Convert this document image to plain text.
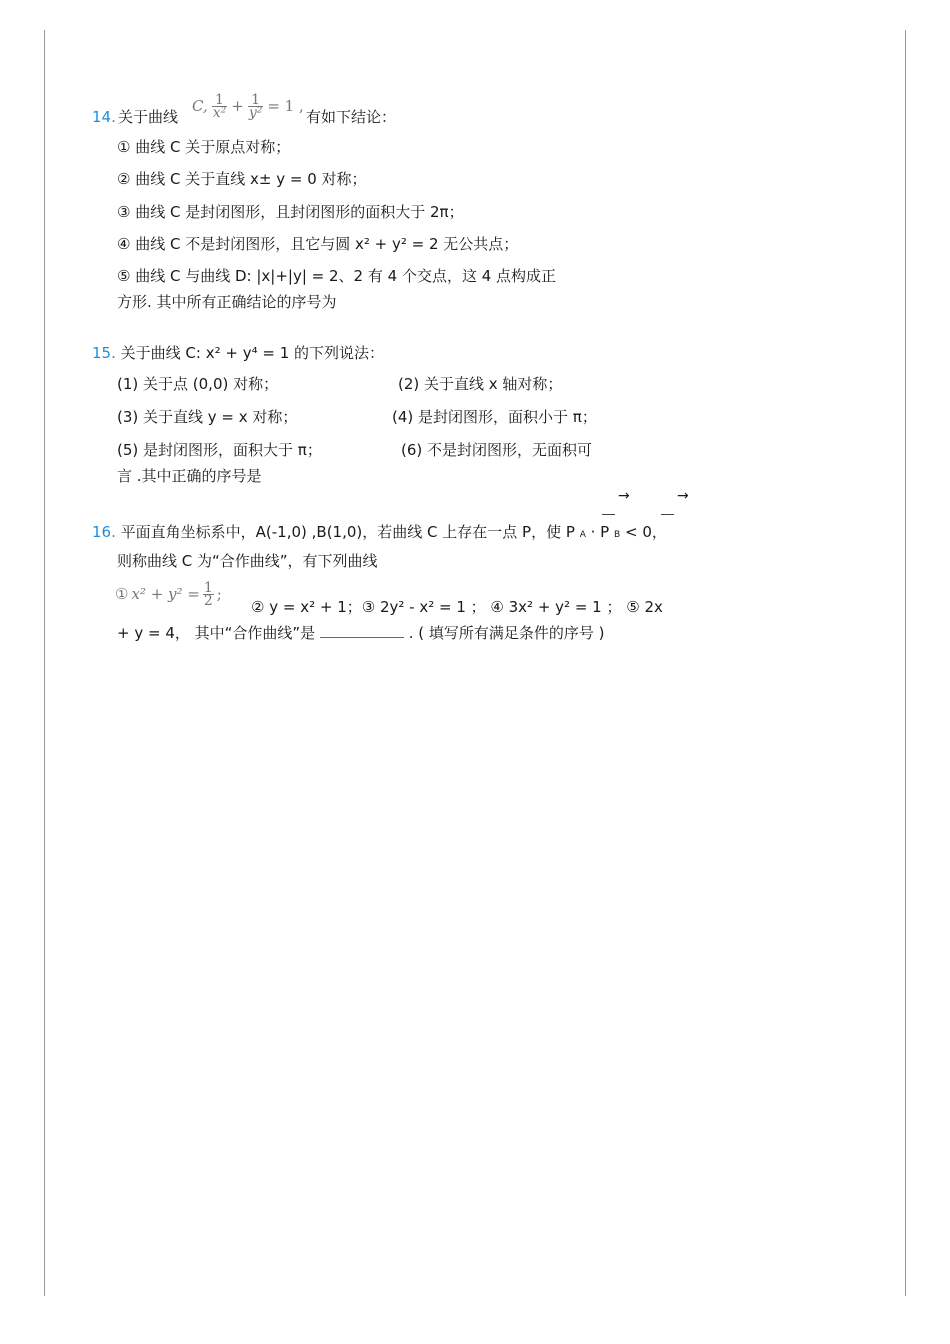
14. 关于曲线
C, $\frac{1}{\text{x²}} + \frac{1}{\text{y²}} = 1$ ,
有如下结论：
① 曲线 C 关于原点对称；
② 曲线 C 关于直线 x± y = 0 对称；
③ 曲线 C 是封闭图形，且封闭图形的面积大于 2π；
④ 曲线 C 不是封闭图形，且它与圆 x² + y² = 2 无公共点；
⑤ 曲线 C 与曲线 D: |x|+|y| = 2、2 有 4 个交点，这 4 点构成正
方形. 其中所有正确结论的序号为
15. 关于曲线 C: x² + y⁴ = 1 的下列说法：
(1) 关于点 (0,0) 对称；	(2) 关于直线 x 轴对称；
(3) 关于直线 y = x 对称；	(4) 是封闭图形，面积小于 π；
(5) 是封闭图形，面积大于 π；	(6) 不是封闭图形，无面积可
言 .其中正确的序号是
→	→
16. 平面直角坐标系中，A(-1,0) ,B(1,0)，若曲线 C 上存在一点 P，使 P A · P B < 0，
则称曲线 C 为“合作曲线”，有下列曲线
① $x^2 + y^2 = \frac{1}{2}$ ;
② y = x² + 1；③ 2y² - x² = 1 ； ④ 3x² + y² = 1 ； ⑤ 2x
+ y = 4， 其中“合作曲线”是	. ( 填写所有满足条件的序号 )
